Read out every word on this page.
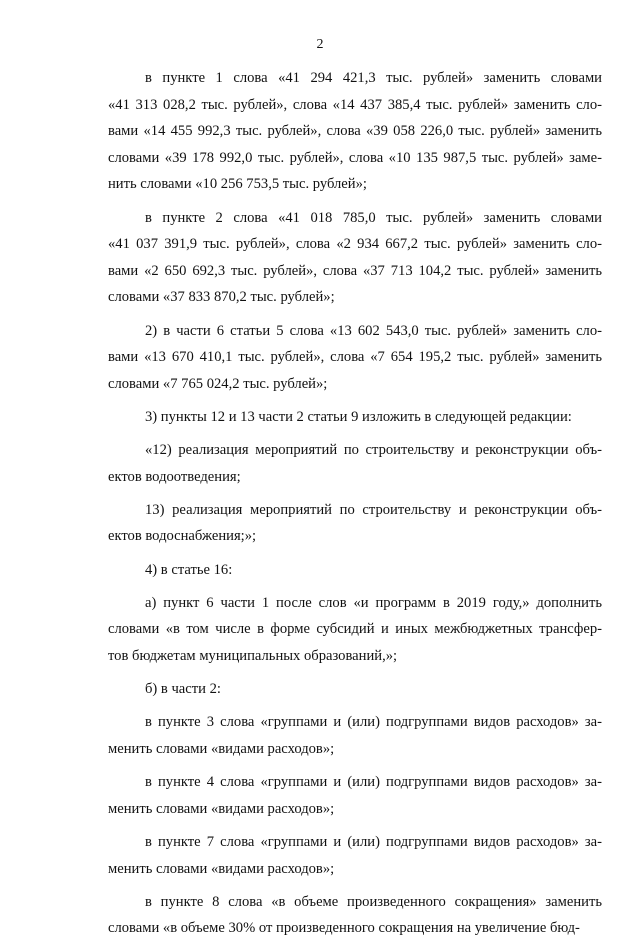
2
в пункте 1 слова «41 294 421,3 тыс. рублей» заменить словами
«41 313 028,2 тыс. рублей», слова «14 437 385,4 тыс. рублей» заменить сло-
вами «14 455 992,3 тыс. рублей», слова «39 058 226,0 тыс. рублей» заменить
словами «39 178 992,0 тыс. рублей», слова «10 135 987,5 тыс. рублей» заме-
нить словами «10 256 753,5 тыс. рублей»;
в пункте 2 слова «41 018 785,0 тыс. рублей» заменить словами
«41 037 391,9 тыс. рублей», слова «2 934 667,2 тыс. рублей» заменить сло-
вами «2 650 692,3 тыс. рублей», слова «37 713 104,2 тыс. рублей» заменить
словами «37 833 870,2 тыс. рублей»;
2) в части 6 статьи 5 слова «13 602 543,0 тыс. рублей» заменить сло-
вами «13 670 410,1 тыс. рублей», слова «7 654 195,2 тыс. рублей» заменить
словами «7 765 024,2 тыс. рублей»;
3) пункты 12 и 13 части 2 статьи 9 изложить в следующей редакции:
«12) реализация мероприятий по строительству и реконструкции объ-
ектов водоотведения;
13) реализация мероприятий по строительству и реконструкции объ-
ектов водоснабжения;»;
4) в статье 16:
а) пункт 6 части 1 после слов «и программ в 2019 году,» дополнить
словами «в том числе в форме субсидий и иных межбюджетных трансфер-
тов бюджетам муниципальных образований,»;
б) в части 2:
в пункте 3 слова «группами и (или) подгруппами видов расходов» за-
менить словами «видами расходов»;
в пункте 4 слова «группами и (или) подгруппами видов расходов» за-
менить словами «видами расходов»;
в пункте 7 слова «группами и (или) подгруппами видов расходов» за-
менить словами «видами расходов»;
в пункте 8 слова «в объеме произведенного сокращения» заменить
словами «в объеме 30% от произведенного сокращения на увеличение бюд-
